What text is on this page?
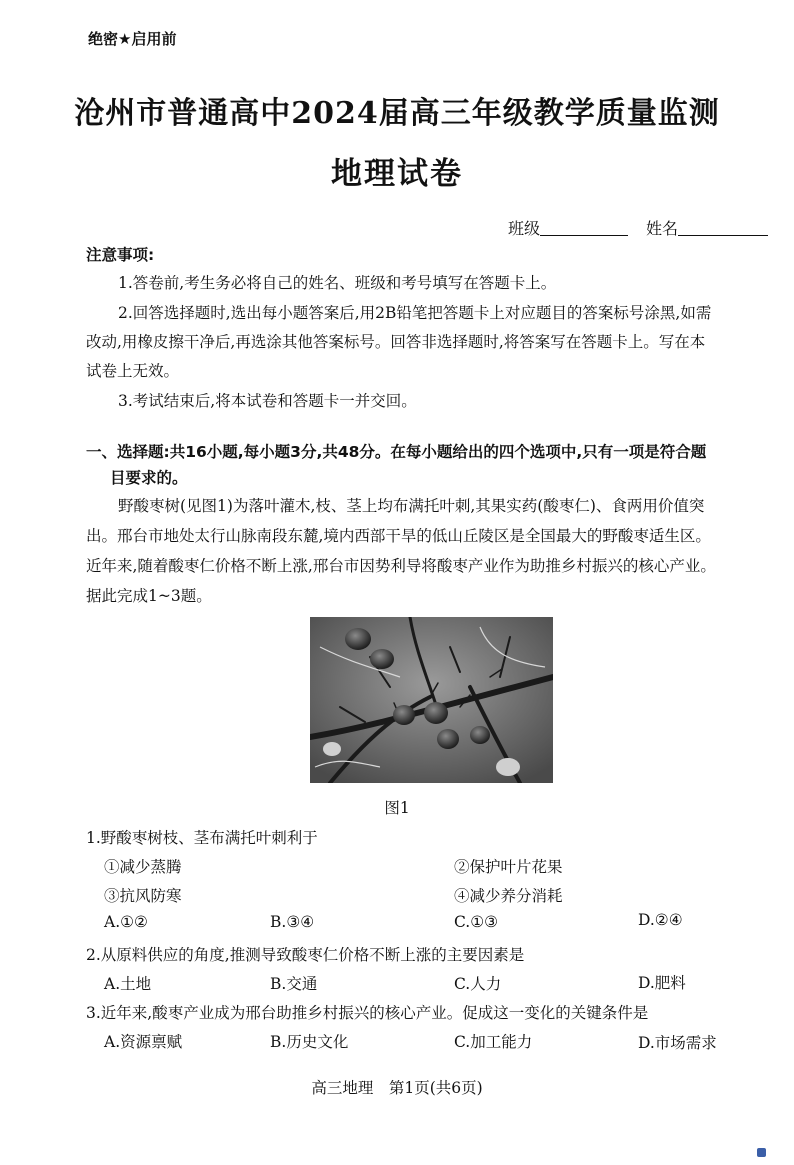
绝密★启用前
沧州市普通高中2024届高三年级教学质量监测
地理试卷
班级	姓名
注意事项:
1.答卷前,考生务必将自己的姓名、班级和考号填写在答题卡上。
2.回答选择题时,选出每小题答案后,用2B铅笔把答题卡上对应题目的答案标号涂黑,如需
改动,用橡皮擦干净后,再选涂其他答案标号。回答非选择题时,将答案写在答题卡上。写在本
试卷上无效。
3.考试结束后,将本试卷和答题卡一并交回。
一、选择题:共16小题,每小题3分,共48分。在每小题给出的四个选项中,只有一项是符合题
目要求的。
野酸枣树(见图1)为落叶灌木,枝、茎上均布满托叶刺,其果实药(酸枣仁)、食两用价值突
出。邢台市地处太行山脉南段东麓,境内西部干旱的低山丘陵区是全国最大的野酸枣适生区。
近年来,随着酸枣仁价格不断上涨,邢台市因势利导将酸枣产业作为助推乡村振兴的核心产业。
据此完成1~3题。
图1
1.野酸枣树枝、茎布满托叶刺利于
①减少蒸腾	②保护叶片花果
③抗风防寒	④减少养分消耗
A.①②	B.③④	C.①③	D.②④
2.从原料供应的角度,推测导致酸枣仁价格不断上涨的主要因素是
A.土地	B.交通	C.人力	D.肥料
3.近年来,酸枣产业成为邢台助推乡村振兴的核心产业。促成这一变化的关键条件是
A.资源禀赋	B.历史文化	C.加工能力	D.市场需求
高三地理　第1页(共6页)
